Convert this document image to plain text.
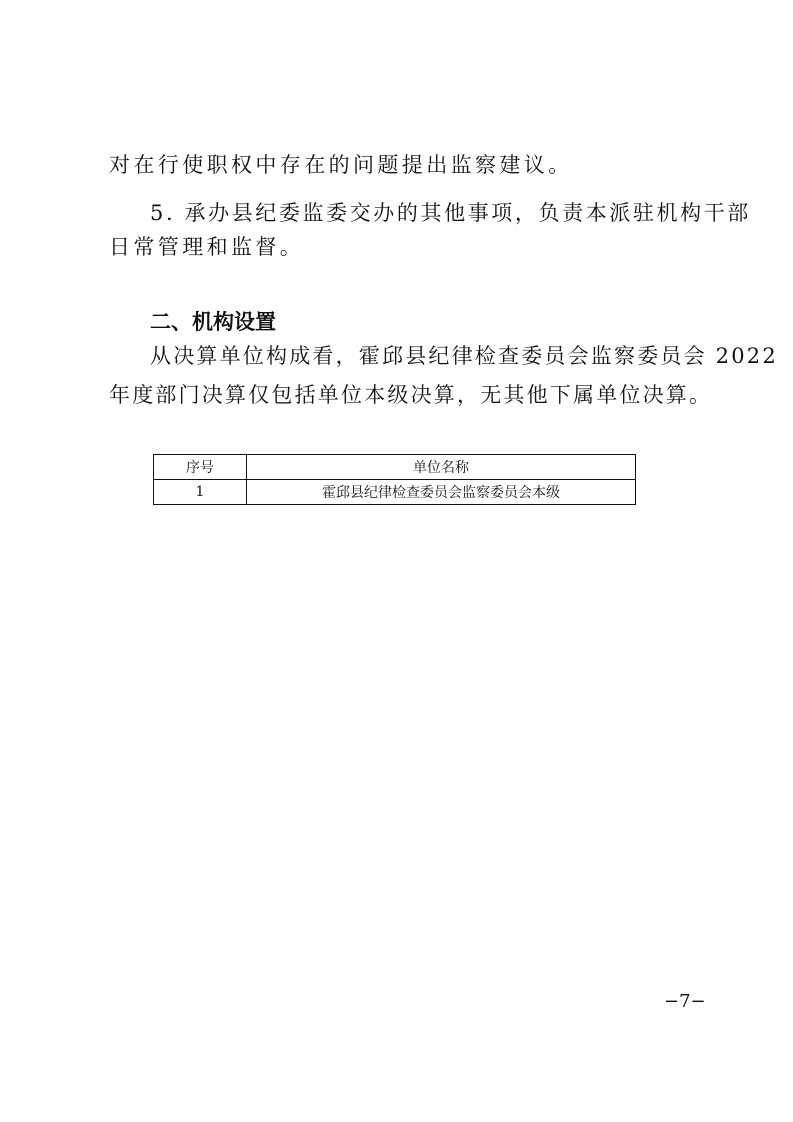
对在行使职权中存在的问题提出监察建议。
5. 承办县纪委监委交办的其他事项，负责本派驻机构干部
日常管理和监督。
二、机构设置
从决算单位构成看，霍邱县纪律检查委员会监察委员会 2022
年度部门决算仅包括单位本级决算，无其他下属单位决算。
序号	单位名称
1	霍邱县纪律检查委员会监察委员会本级
−7−
